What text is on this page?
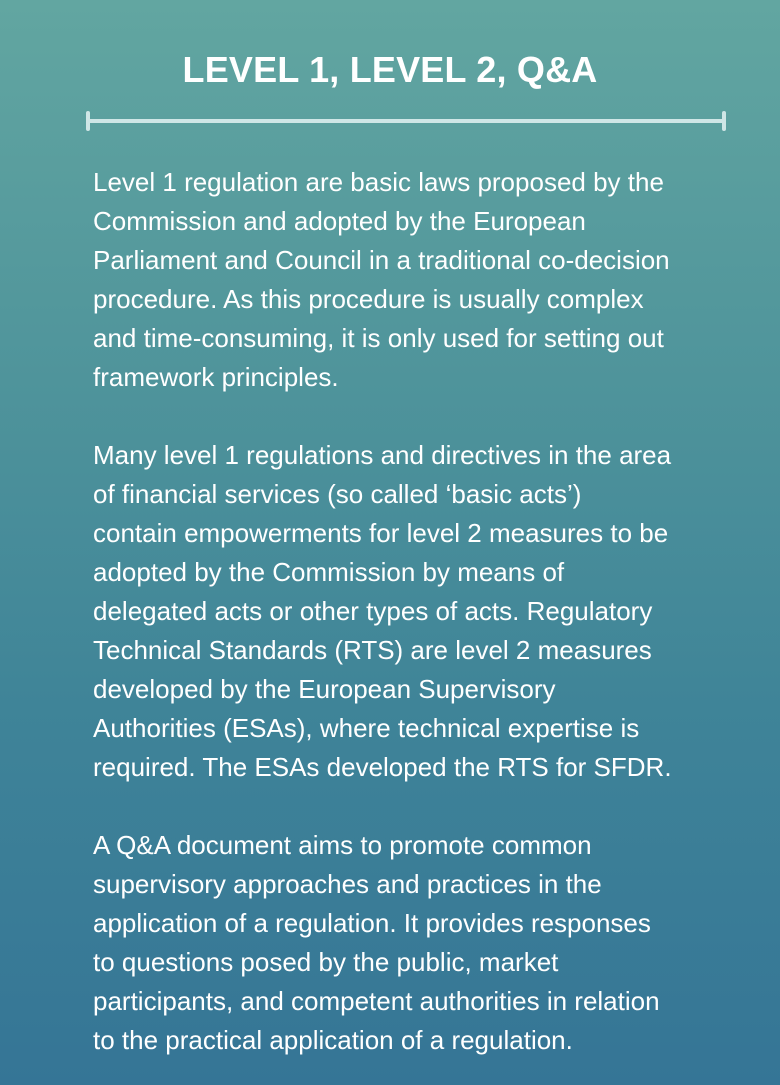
LEVEL 1, LEVEL 2, Q&A

Level 1 regulation are basic laws proposed by the
Commission and adopted by the European
Parliament and Council in a traditional co-decision
procedure. As this procedure is usually complex
and time-consuming, it is only used for setting out
framework principles.

Many level 1 regulations and directives in the area
of financial services (so called ‘basic acts’)
contain empowerments for level 2 measures to be
adopted by the Commission by means of
delegated acts or other types of acts. Regulatory
Technical Standards (RTS) are level 2 measures
developed by the European Supervisory
Authorities (ESAs), where technical expertise is
required. The ESAs developed the RTS for SFDR.

A Q&A document aims to promote common
supervisory approaches and practices in the
application of a regulation. It provides responses
to questions posed by the public, market
participants, and competent authorities in relation
to the practical application of a regulation.
